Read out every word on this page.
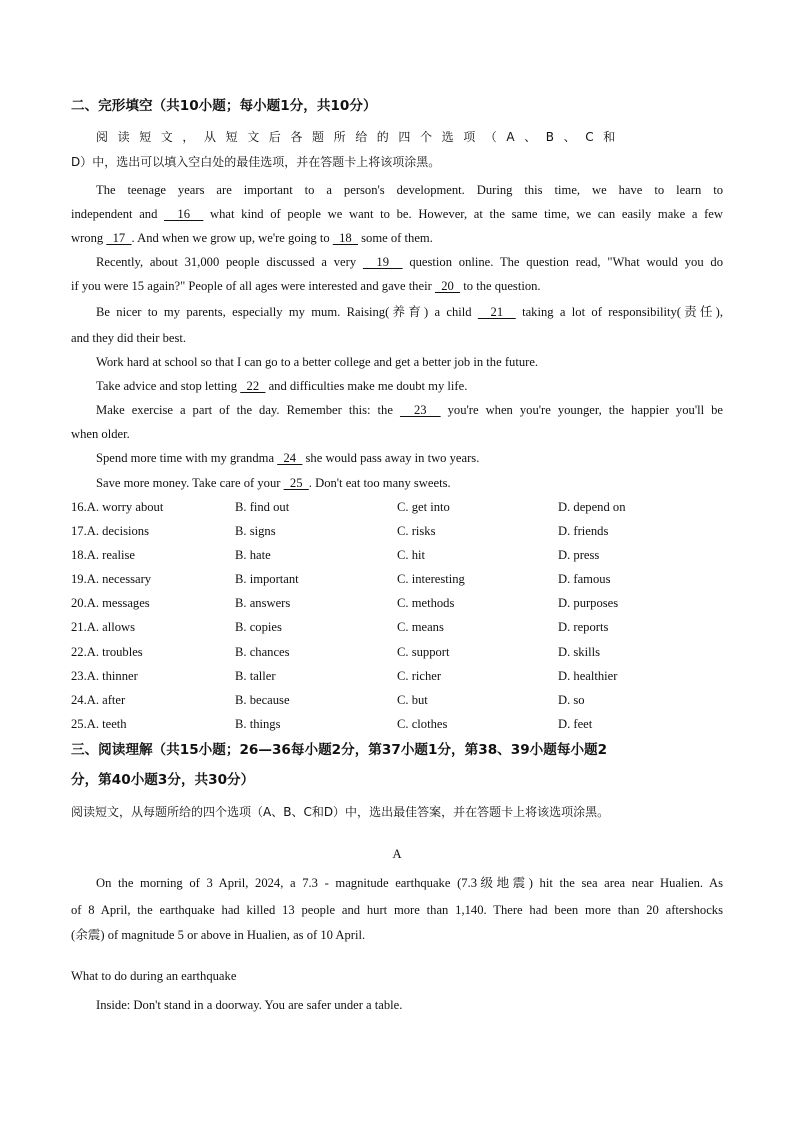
二、完形填空（共10小题；每小题1分，共10分）
阅读短文，从短文后各题所给的四个选项（A、B、C和
D）中，选出可以填入空白处的最佳选项，并在答题卡上将该项涂黑。
The teenage years are important to a person's development. During this time, we have to learn to
independent and   16   what kind of people we want to be. However, at the same time, we can easily make a few
wrong   17  . And when we grow up, we're going to   18   some of them.
Recently, about 31,000 people discussed a very   19   question online. The question read, "What would you do
if you were 15 again?" People of all ages were interested and gave their   20   to the question.
Be nicer to my parents, especially my mum. Raising(养育) a child   21   taking a lot of responsibility(责任),
and they did their best.
Work hard at school so that I can go to a better college and get a better job in the future.
Take advice and stop letting   22   and difficulties make me doubt my life.
Make exercise a part of the day. Remember this: the   23   you're when you're younger, the happier you'll be
when older.
Spend more time with my grandma   24   she would pass away in two years.
Save more money. Take care of your   25  . Don't eat too many sweets.
16.A. worry about	B. find out	C. get into	D. depend on
17.A. decisions	B. signs	C. risks	D. friends
18.A. realise	B. hate	C. hit	D. press
19.A. necessary	B. important	C. interesting	D. famous
20.A. messages	B. answers	C. methods	D. purposes
21.A. allows	B. copies	C. means	D. reports
22.A. troubles	B. chances	C. support	D. skills
23.A. thinner	B. taller	C. richer	D. healthier
24.A. after	B. because	C. but	D. so
25.A. teeth	B. things	C. clothes	D. feet
三、阅读理解（共15小题；26—36每小题2分，第37小题1分，第38、39小题每小题2
分，第40小题3分，共30分）
阅读短文，从每题所给的四个选项（A、B、C和D）中，选出最佳答案，并在答题卡上将该选项涂黑。
A
On the morning of 3 April, 2024, a 7.3 - magnitude earthquake (7.3级地震) hit the sea area near Hualien. As
of 8 April, the earthquake had killed 13 people and hurt more than 1,140. There had been more than 20 aftershocks
(余震) of magnitude 5 or above in Hualien, as of 10 April.
What to do during an earthquake
Inside: Don't stand in a doorway. You are safer under a table.
